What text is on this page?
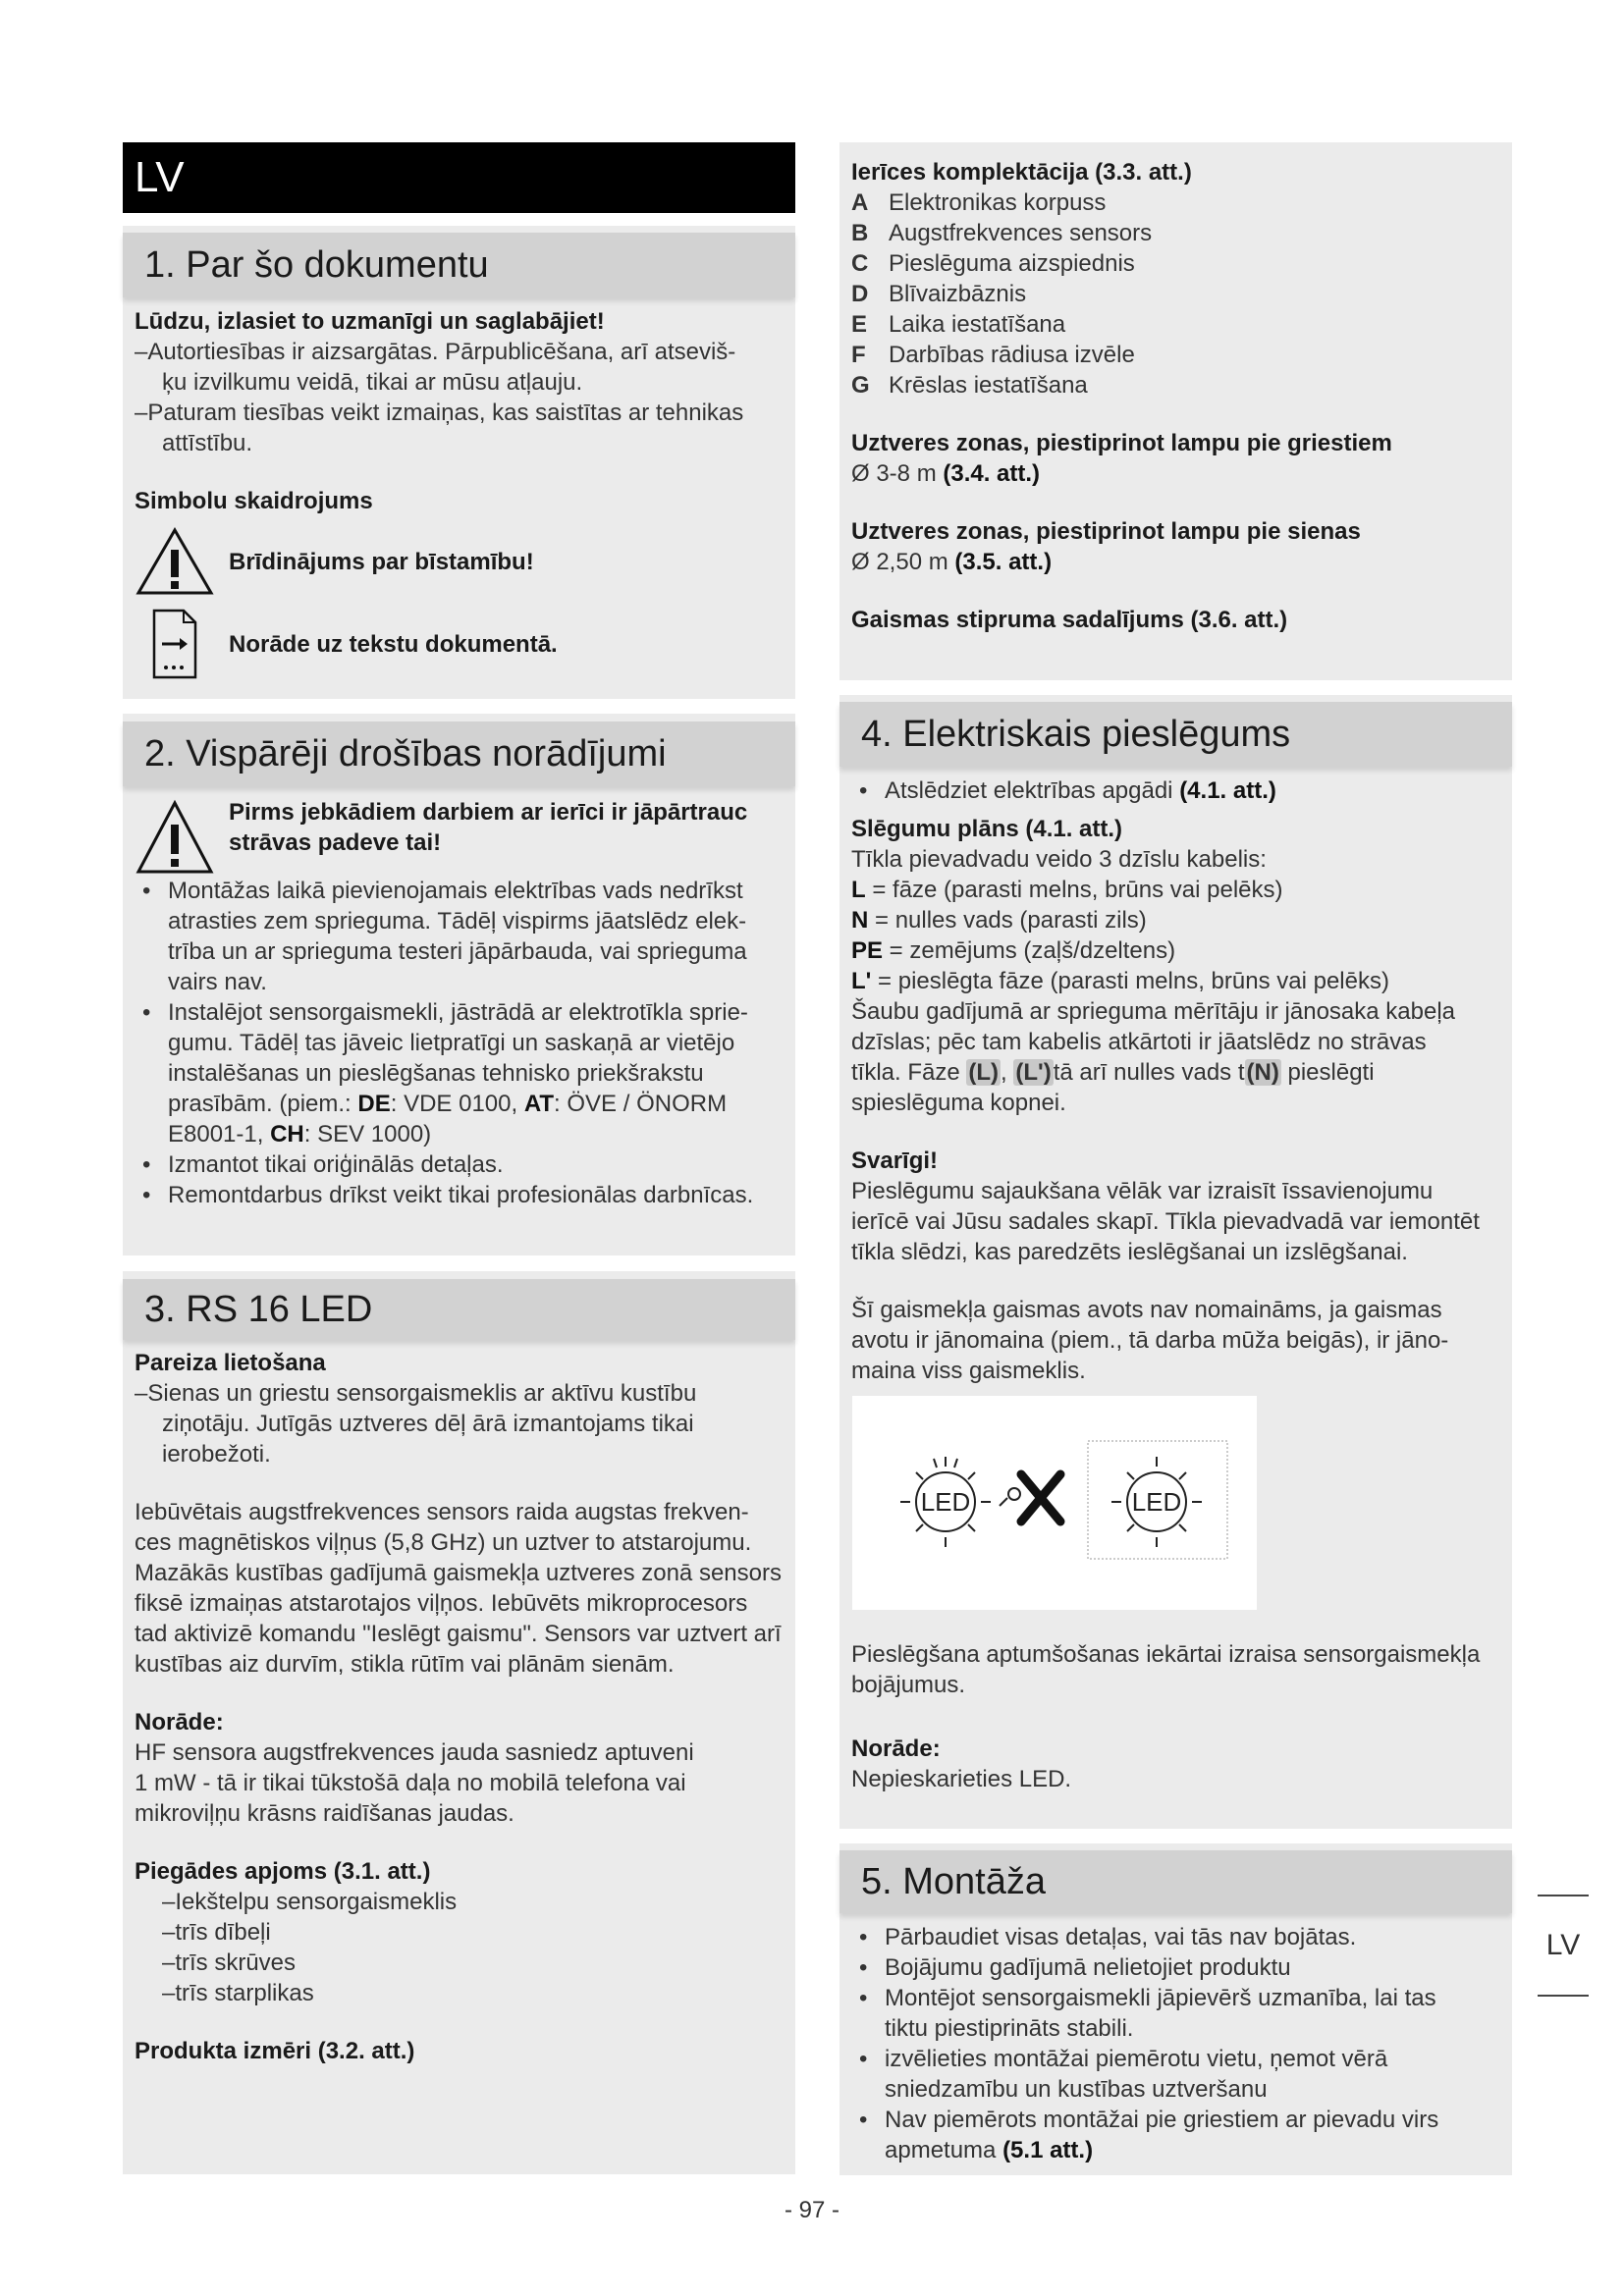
LV
1. Par šo dokumentu

Lūdzu, izlasiet to uzmanīgi un saglabājiet!

–Autortiesības ir aizsargātas. Pārpublicēšana, arī atseviš-

ķu izvilkumu veidā, tikai ar mūsu atļauju.

–Paturam tiesības veikt izmaiņas, kas saistītas ar tehnikas

attīstību.

Simbolu skaidrojums

Brīdinājums par bīstamību!
Norāde uz tekstu dokumentā.
2. Vispārēji drošības norādījumi

Pirms jebkādiem darbiem ar ierīci ir jāpārtrauc

strāvas padeve tai!

• Montāžas laikā pievienojamais elektrības vads nedrīkst

atrasties zem sprieguma. Tādēļ vispirms jāatslēdz elek-

trība un ar sprieguma testeri jāpārbauda, vai sprieguma

vairs nav.

• Instalējot sensorgaismekli, jāstrādā ar elektrotīkla sprie-

gumu. Tādēļ tas jāveic lietpratīgi un saskaņā ar vietējo

instalēšanas un pieslēgšanas tehnisko priekšrakstu

prasībām. (piem.: DE: VDE 0100, AT: ÖVE / ÖNORM

E8001-1, CH: SEV 1000)

• Izmantot tikai oriģinālās detaļas.

• Remontdarbus drīkst veikt tikai profesionālas darbnīcas.

3. RS 16 LED

Pareiza lietošana

–Sienas un griestu sensorgaismeklis ar aktīvu kustību

ziņotāju. Jutīgās uztveres dēļ ārā izmantojams tikai

ierobežoti.

Iebūvētais augstfrekvences sensors raida augstas frekven-

ces magnētiskos viļņus (5,8 GHz) un uztver to atstarojumu.

Mazākās kustības gadījumā gaismekļa uztveres zonā sensors

fiksē izmaiņas atstarotajos viļņos. Iebūvēts mikroprocesors

tad aktivizē komandu "Ieslēgt gaismu". Sensors var uztvert arī

kustības aiz durvīm, stikla rūtīm vai plānām sienām.

Norāde:

HF sensora augstfrekvences jauda sasniedz aptuveni

1 mW - tā ir tikai tūkstošā daļa no mobilā telefona vai

mikroviļņu krāsns raidīšanas jaudas.

Piegādes apjoms (3.1. att.)

–Iekštelpu sensorgaismeklis

–trīs dībeļi

–trīs skrūves

–trīs starplikas

Produkta izmēri (3.2. att.)

Ierīces komplektācija (3.3. att.)

A Elektronikas korpuss
B Augstfrekvences sensors
C Pieslēguma aizspiednis
D Blīvaizbāznis
E Laika iestatīšana
F Darbības rādiusa izvēle
G Krēslas iestatīšana

Uztveres zonas, piestiprinot lampu pie griestiem

Ø 3-8 m (3.4. att.)

Uztveres zonas, piestiprinot lampu pie sienas

Ø 2,50 m (3.5. att.)

Gaismas stipruma sadalījums (3.6. att.)

4. Elektriskais pieslēgums

• Atslēdziet elektrības apgādi (4.1. att.)

Slēgumu plāns (4.1. att.)

Tīkla pievadvadu veido 3 dzīslu kabelis:

L = fāze (parasti melns, brūns vai pelēks)

N = nulles vads (parasti zils)

PE = zemējums (zaļš/dzeltens)

L' = pieslēgta fāze (parasti melns, brūns vai pelēks)

Šaubu gadījumā ar sprieguma mērītāju ir jānosaka kabeļa

dzīslas; pēc tam kabelis atkārtoti ir jāatslēdz no strāvas

tīkla. Fāze (L), (L')tā arī nulles vads t(N) pieslēgti

spieslēguma kopnei.

Svarīgi!

Pieslēgumu sajaukšana vēlāk var izraisīt īssavienojumu

ierīcē vai Jūsu sadales skapī. Tīkla pievadvadā var iemontēt

tīkla slēdzi, kas paredzēts ieslēgšanai un izslēgšanai.

Šī gaismekļa gaismas avots nav nomaināms, ja gaismas

avotu ir jānomaina (piem., tā darba mūža beigās), ir jāno-

maina viss gaismeklis.

LED	LED

Pieslēgšana aptumšošanas iekārtai izraisa sensorgaismekļa

bojājumus.

Norāde:

Nepieskarieties LED.

5. Montāža

• Pārbaudiet visas detaļas, vai tās nav bojātas.

• Bojājumu gadījumā nelietojiet produktu

• Montējot sensorgaismekli jāpievērš uzmanība, lai tas

tiktu piestiprināts stabili.

• izvēlieties montāžai piemērotu vietu, ņemot vērā

sniedzamību un kustības uztveršanu

• Nav piemērots montāžai pie griestiem ar pievadu virs

apmetuma (5.1 att.)

LV
- 97 -
